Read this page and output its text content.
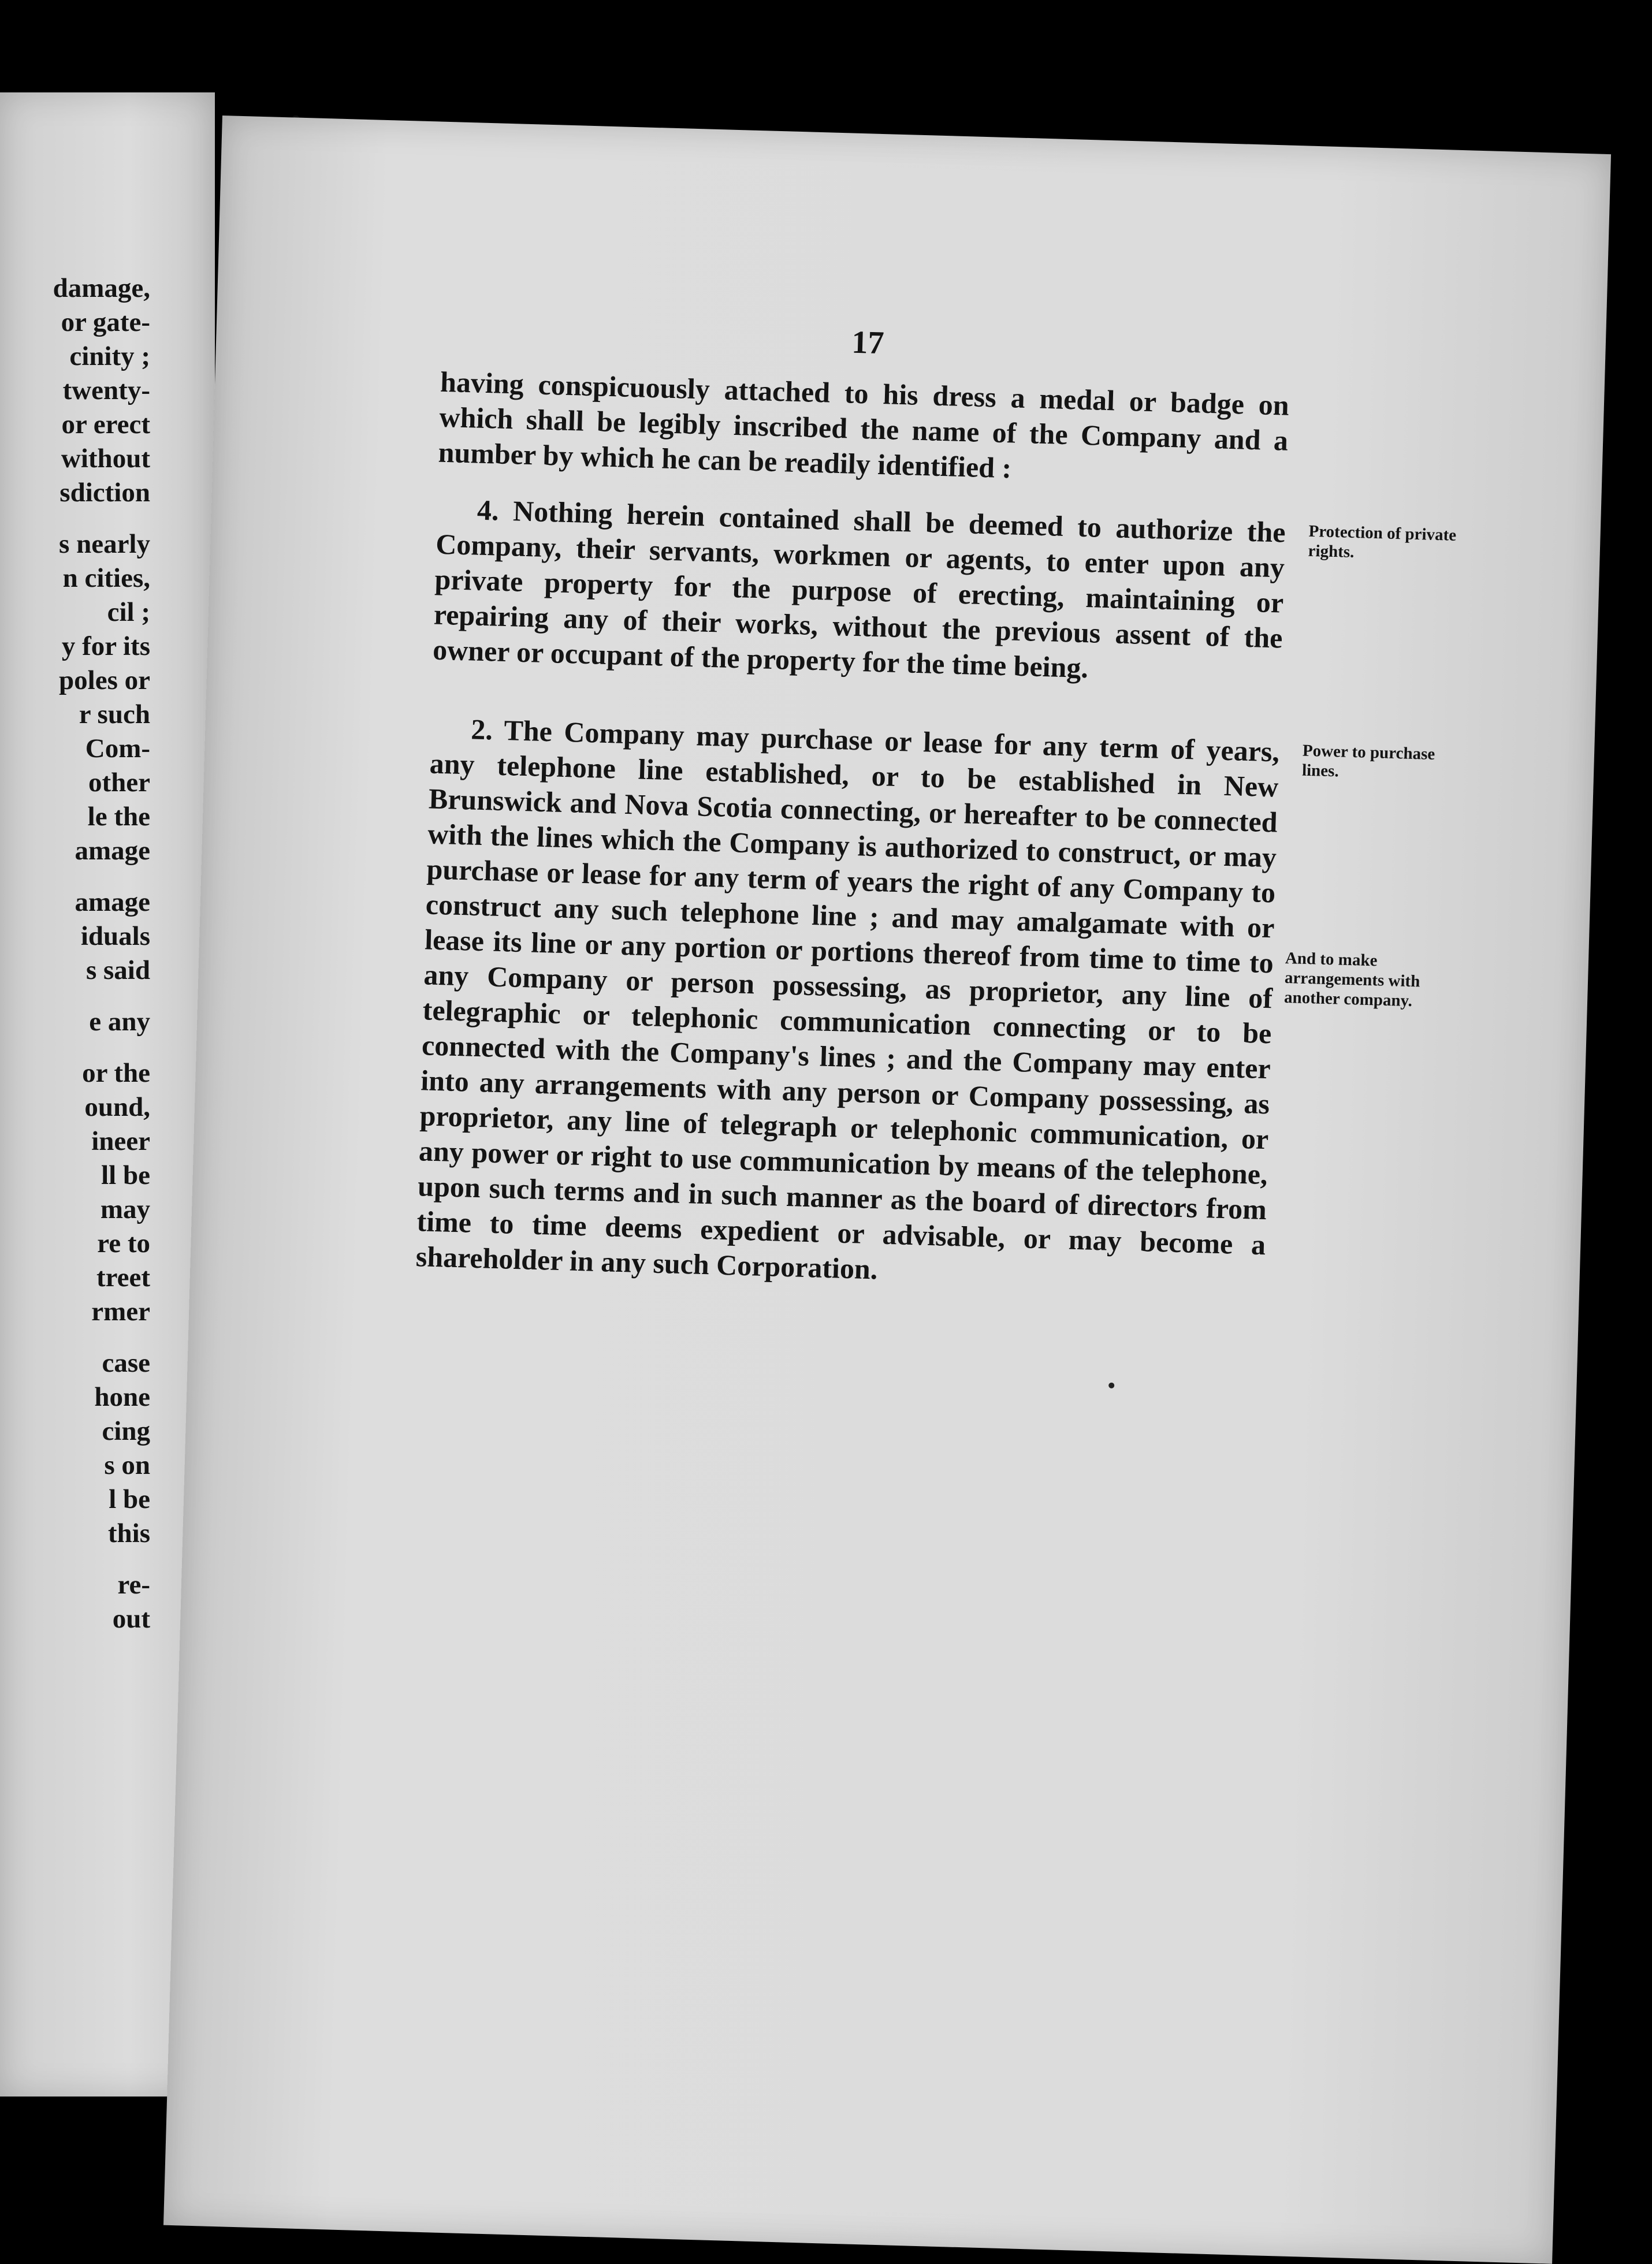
damage,
or gate-
cinity ;
twenty-
or erect
without
sdiction
s nearly
n cities,
cil ;
y for its
poles or
r such
Com-
other
le the
amage
amage
iduals
s said
e any
or the
ound,
ineer
ll be
may
re to
treet
rmer
case
hone
cing
s on
l be
this
re-
out
17

having conspicuously attached to his dress a medal or badge on which shall be legibly inscribed the name of the Company and a number by which he can be readily identified :

4. Nothing herein contained shall be deemed to authorize the Company, their servants, workmen or agents, to enter upon any private property for the purpose of erecting, maintaining or repairing any of their works, without the previous assent of the owner or occupant of the property for the time being.

2. The Company may purchase or lease for any term of years, any telephone line established, or to be established in New Brunswick and Nova Scotia connecting, or hereafter to be connected with the lines which the Company is authorized to construct, or may purchase or lease for any term of years the right of any Company to construct any such telephone line ; and may amalgamate with or lease its line or any portion or portions thereof from time to time to any Company or person possessing, as proprietor, any line of telegraphic or telephonic communication connecting or to be connected with the Company's lines ; and the Company may enter into any arrangements with any person or Company possessing, as proprietor, any line of telegraph or telephonic communication, or any power or right to use communication by means of the telephone, upon such terms and in such manner as the board of directors from time to time deems expedient or advisable, or may become a shareholder in any such Corporation.

Protection of private rights.
Power to purchase lines.
And to make arrangements with another company.
